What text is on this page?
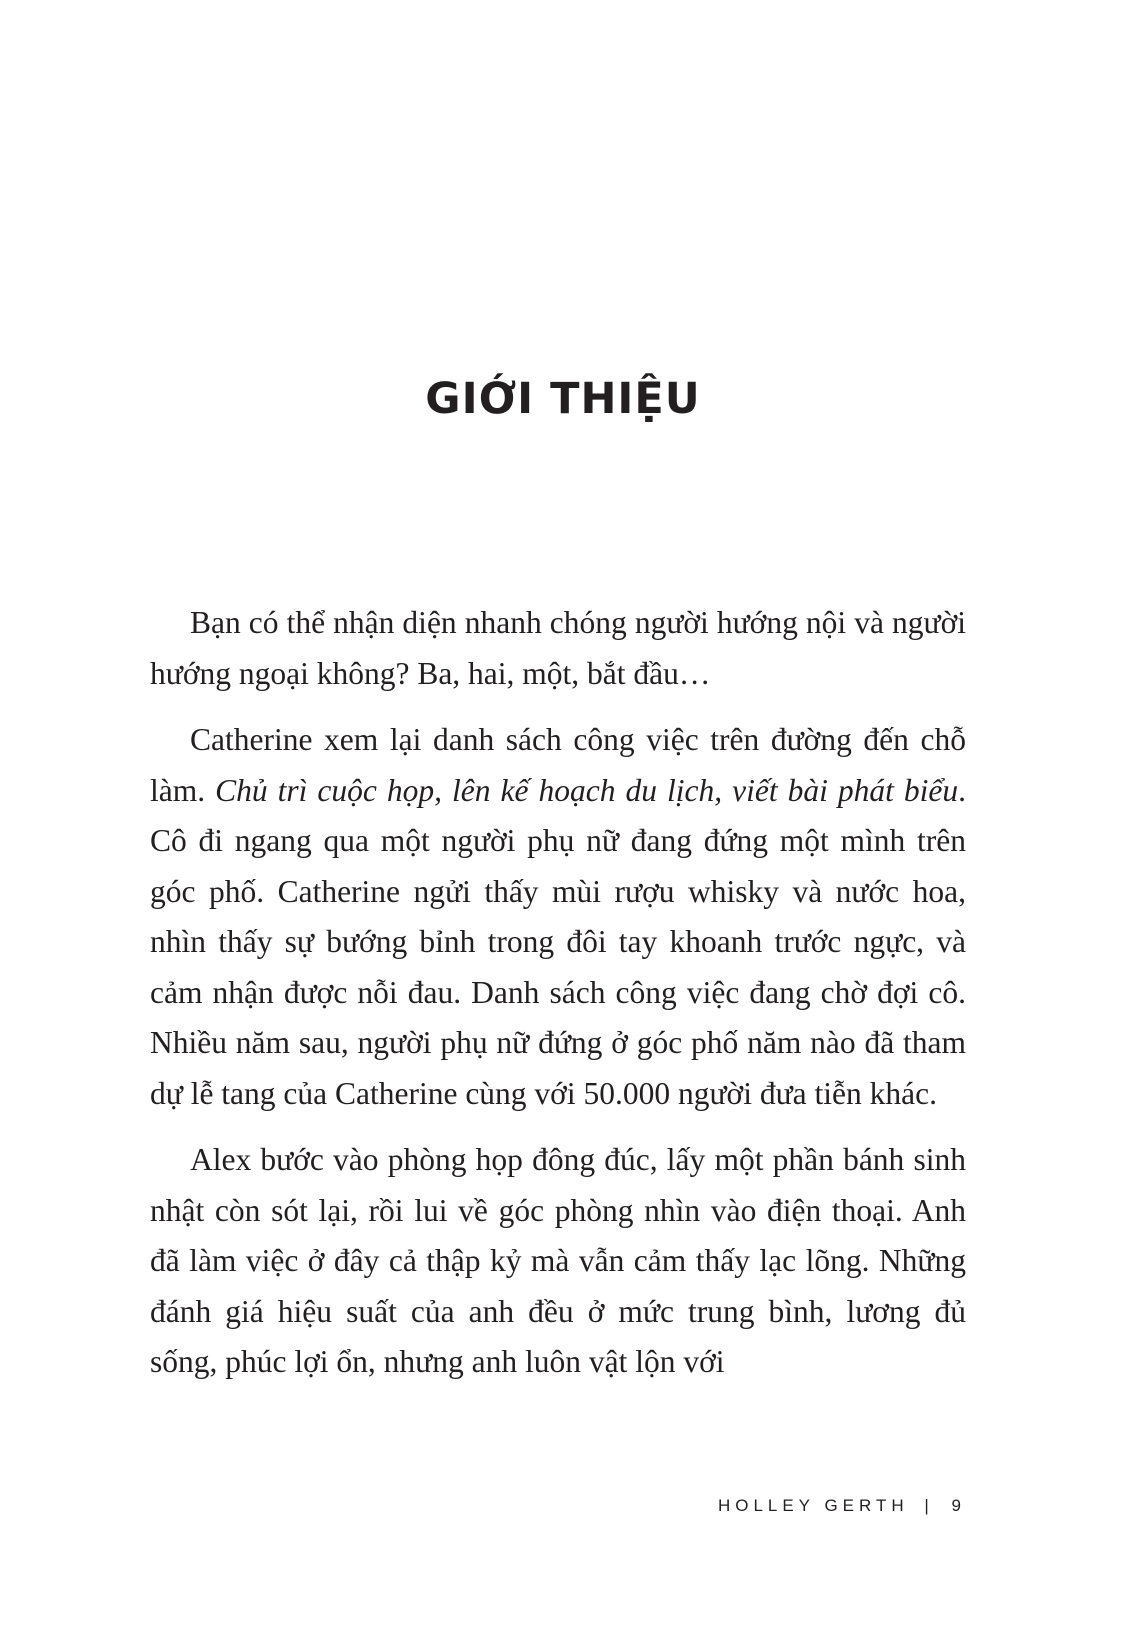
GIỚI THIỆU

Bạn có thể nhận diện nhanh chóng người hướng nội và người hướng ngoại không? Ba, hai, một, bắt đầu…

Catherine xem lại danh sách công việc trên đường đến chỗ làm. Chủ trì cuộc họp, lên kế hoạch du lịch, viết bài phát biểu. Cô đi ngang qua một người phụ nữ đang đứng một mình trên góc phố. Catherine ngửi thấy mùi rượu whisky và nước hoa, nhìn thấy sự bướng bỉnh trong đôi tay khoanh trước ngực, và cảm nhận được nỗi đau. Danh sách công việc đang chờ đợi cô. Nhiều năm sau, người phụ nữ đứng ở góc phố năm nào đã tham dự lễ tang của Catherine cùng với 50.000 người đưa tiễn khác.

Alex bước vào phòng họp đông đúc, lấy một phần bánh sinh nhật còn sót lại, rồi lui về góc phòng nhìn vào điện thoại. Anh đã làm việc ở đây cả thập kỷ mà vẫn cảm thấy lạc lõng. Những đánh giá hiệu suất của anh đều ở mức trung bình, lương đủ sống, phúc lợi ổn, nhưng anh luôn vật lộn với

HOLLEY GERTH | 9
